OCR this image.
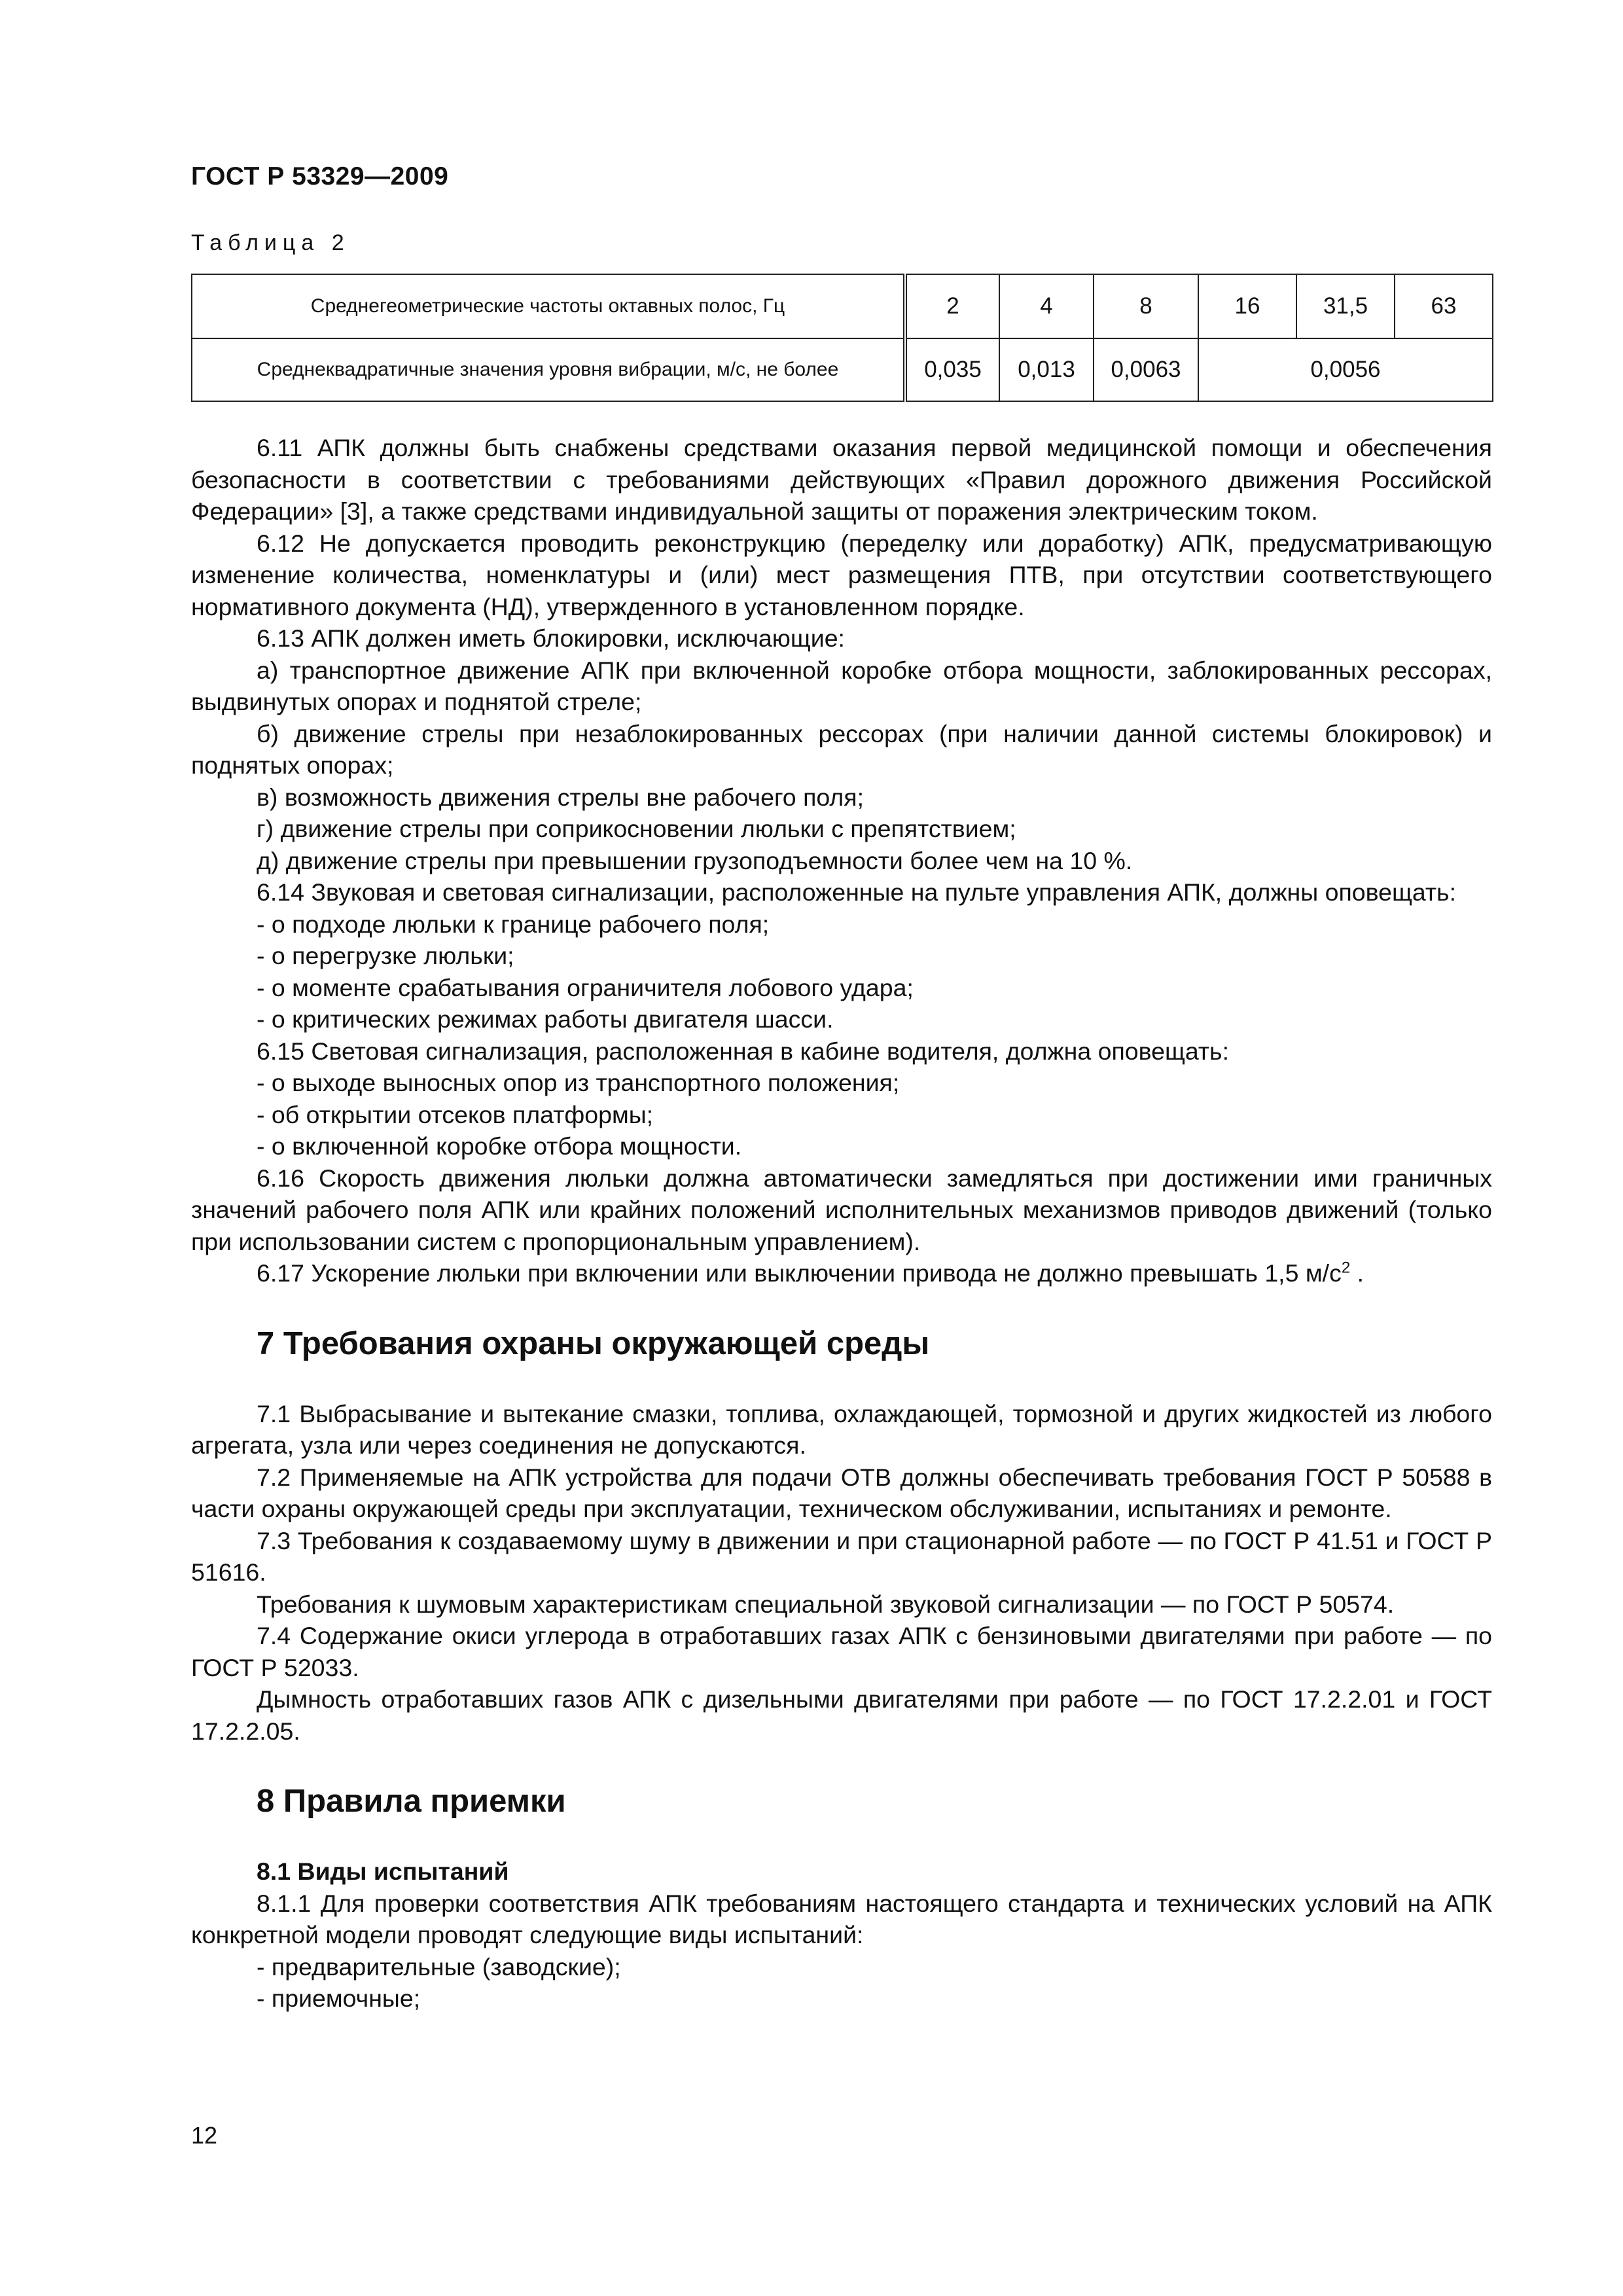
ГОСТ Р 53329—2009
Таблица 2
Среднегеометрические частоты октавных полос, Гц	2	4	8	16	31,5	63
Среднеквадратичные значения уровня вибрации, м/с, не более	0,035	0,013	0,0063	0,0056		

6.11 АПК должны быть снабжены средствами оказания первой медицинской помощи и обеспечения безопасности в соответствии с требованиями действующих «Правил дорожного движения Российской Федерации» [3], а также средствами индивидуальной защиты от поражения электрическим током.

6.12 Не допускается проводить реконструкцию (переделку или доработку) АПК, предусматривающую изменение количества, номенклатуры и (или) мест размещения ПТВ, при отсутствии соответствующего нормативного документа (НД), утвержденного в установленном порядке.

6.13 АПК должен иметь блокировки, исключающие:

а) транспортное движение АПК при включенной коробке отбора мощности, заблокированных рессорах, выдвинутых опорах и поднятой стреле;

б) движение стрелы при незаблокированных рессорах (при наличии данной системы блокировок) и поднятых опорах;

в) возможность движения стрелы вне рабочего поля;

г) движение стрелы при соприкосновении люльки с препятствием;

д) движение стрелы при превышении грузоподъемности более чем на 10 %.

6.14 Звуковая и световая сигнализации, расположенные на пульте управления АПК, должны оповещать:

- о подходе люльки к границе рабочего поля;

- о перегрузке люльки;

- о моменте срабатывания ограничителя лобового удара;

- о критических режимах работы двигателя шасси.

6.15 Световая сигнализация, расположенная в кабине водителя, должна оповещать:

- о выходе выносных опор из транспортного положения;

- об открытии отсеков платформы;

- о включенной коробке отбора мощности.

6.16 Скорость движения люльки должна автоматически замедляться при достижении ими граничных значений рабочего поля АПК или крайних положений исполнительных механизмов приводов движений (только при использовании систем с пропорциональным управлением).

6.17 Ускорение люльки при включении или выключении привода не должно превышать 1,5 $м/с^2$ .

7 Требования охраны окружающей среды

7.1 Выбрасывание и вытекание смазки, топлива, охлаждающей, тормозной и других жидкостей из любого агрегата, узла или через соединения не допускаются.

7.2 Применяемые на АПК устройства для подачи ОТВ должны обеспечивать требования ГОСТ Р 50588 в части охраны окружающей среды при эксплуатации, техническом обслуживании, испытаниях и ремонте.

7.3 Требования к создаваемому шуму в движении и при стационарной работе — по ГОСТ Р 41.51 и ГОСТ Р 51616.

Требования к шумовым характеристикам специальной звуковой сигнализации — по ГОСТ Р 50574.

7.4 Содержание окиси углерода в отработавших газах АПК с бензиновыми двигателями при работе — по ГОСТ Р 52033.

Дымность отработавших газов АПК с дизельными двигателями при работе — по ГОСТ 17.2.2.01 и ГОСТ 17.2.2.05.

8 Правила приемки
8.1 Виды испытаний

8.1.1 Для проверки соответствия АПК требованиям настоящего стандарта и технических условий на АПК конкретной модели проводят следующие виды испытаний:

- предварительные (заводские);

- приемочные;

12
